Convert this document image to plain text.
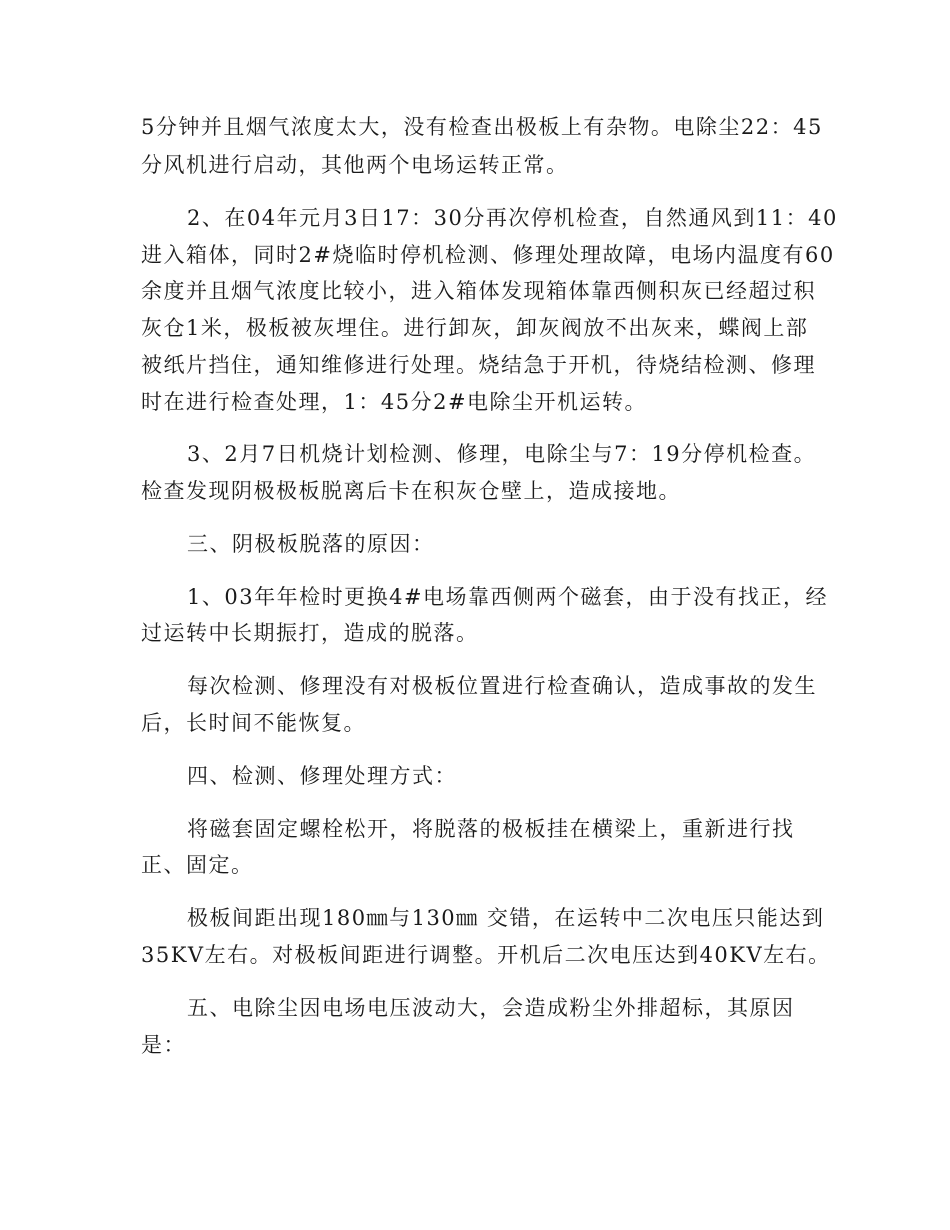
5分钟并且烟气浓度太大，没有检查出极板上有杂物。电除尘22：45
分风机进行启动，其他两个电场运转正常。
2、在04年元月3日17：30分再次停机检查，自然通风到11：40
进入箱体，同时2#烧临时停机检测、修理处理故障，电场内温度有60
余度并且烟气浓度比较小，进入箱体发现箱体靠西侧积灰已经超过积
灰仓1米，极板被灰埋住。进行卸灰，卸灰阀放不出灰来，蝶阀上部
被纸片挡住，通知维修进行处理。烧结急于开机，待烧结检测、修理
时在进行检查处理，1：45分2#电除尘开机运转。
3、2月7日机烧计划检测、修理，电除尘与7：19分停机检查。
检查发现阴极极板脱离后卡在积灰仓壁上，造成接地。
三、阴极板脱落的原因：
1、03年年检时更换4#电场靠西侧两个磁套，由于没有找正，经
过运转中长期振打，造成的脱落。
每次检测、修理没有对极板位置进行检查确认，造成事故的发生
后，长时间不能恢复。
四、检测、修理处理方式：
将磁套固定螺栓松开，将脱落的极板挂在横梁上，重新进行找
正、固定。
极板间距出现180㎜与130㎜ 交错，在运转中二次电压只能达到
35KV左右。对极板间距进行调整。开机后二次电压达到40KV左右。
五、电除尘因电场电压波动大，会造成粉尘外排超标，其原因
是：
